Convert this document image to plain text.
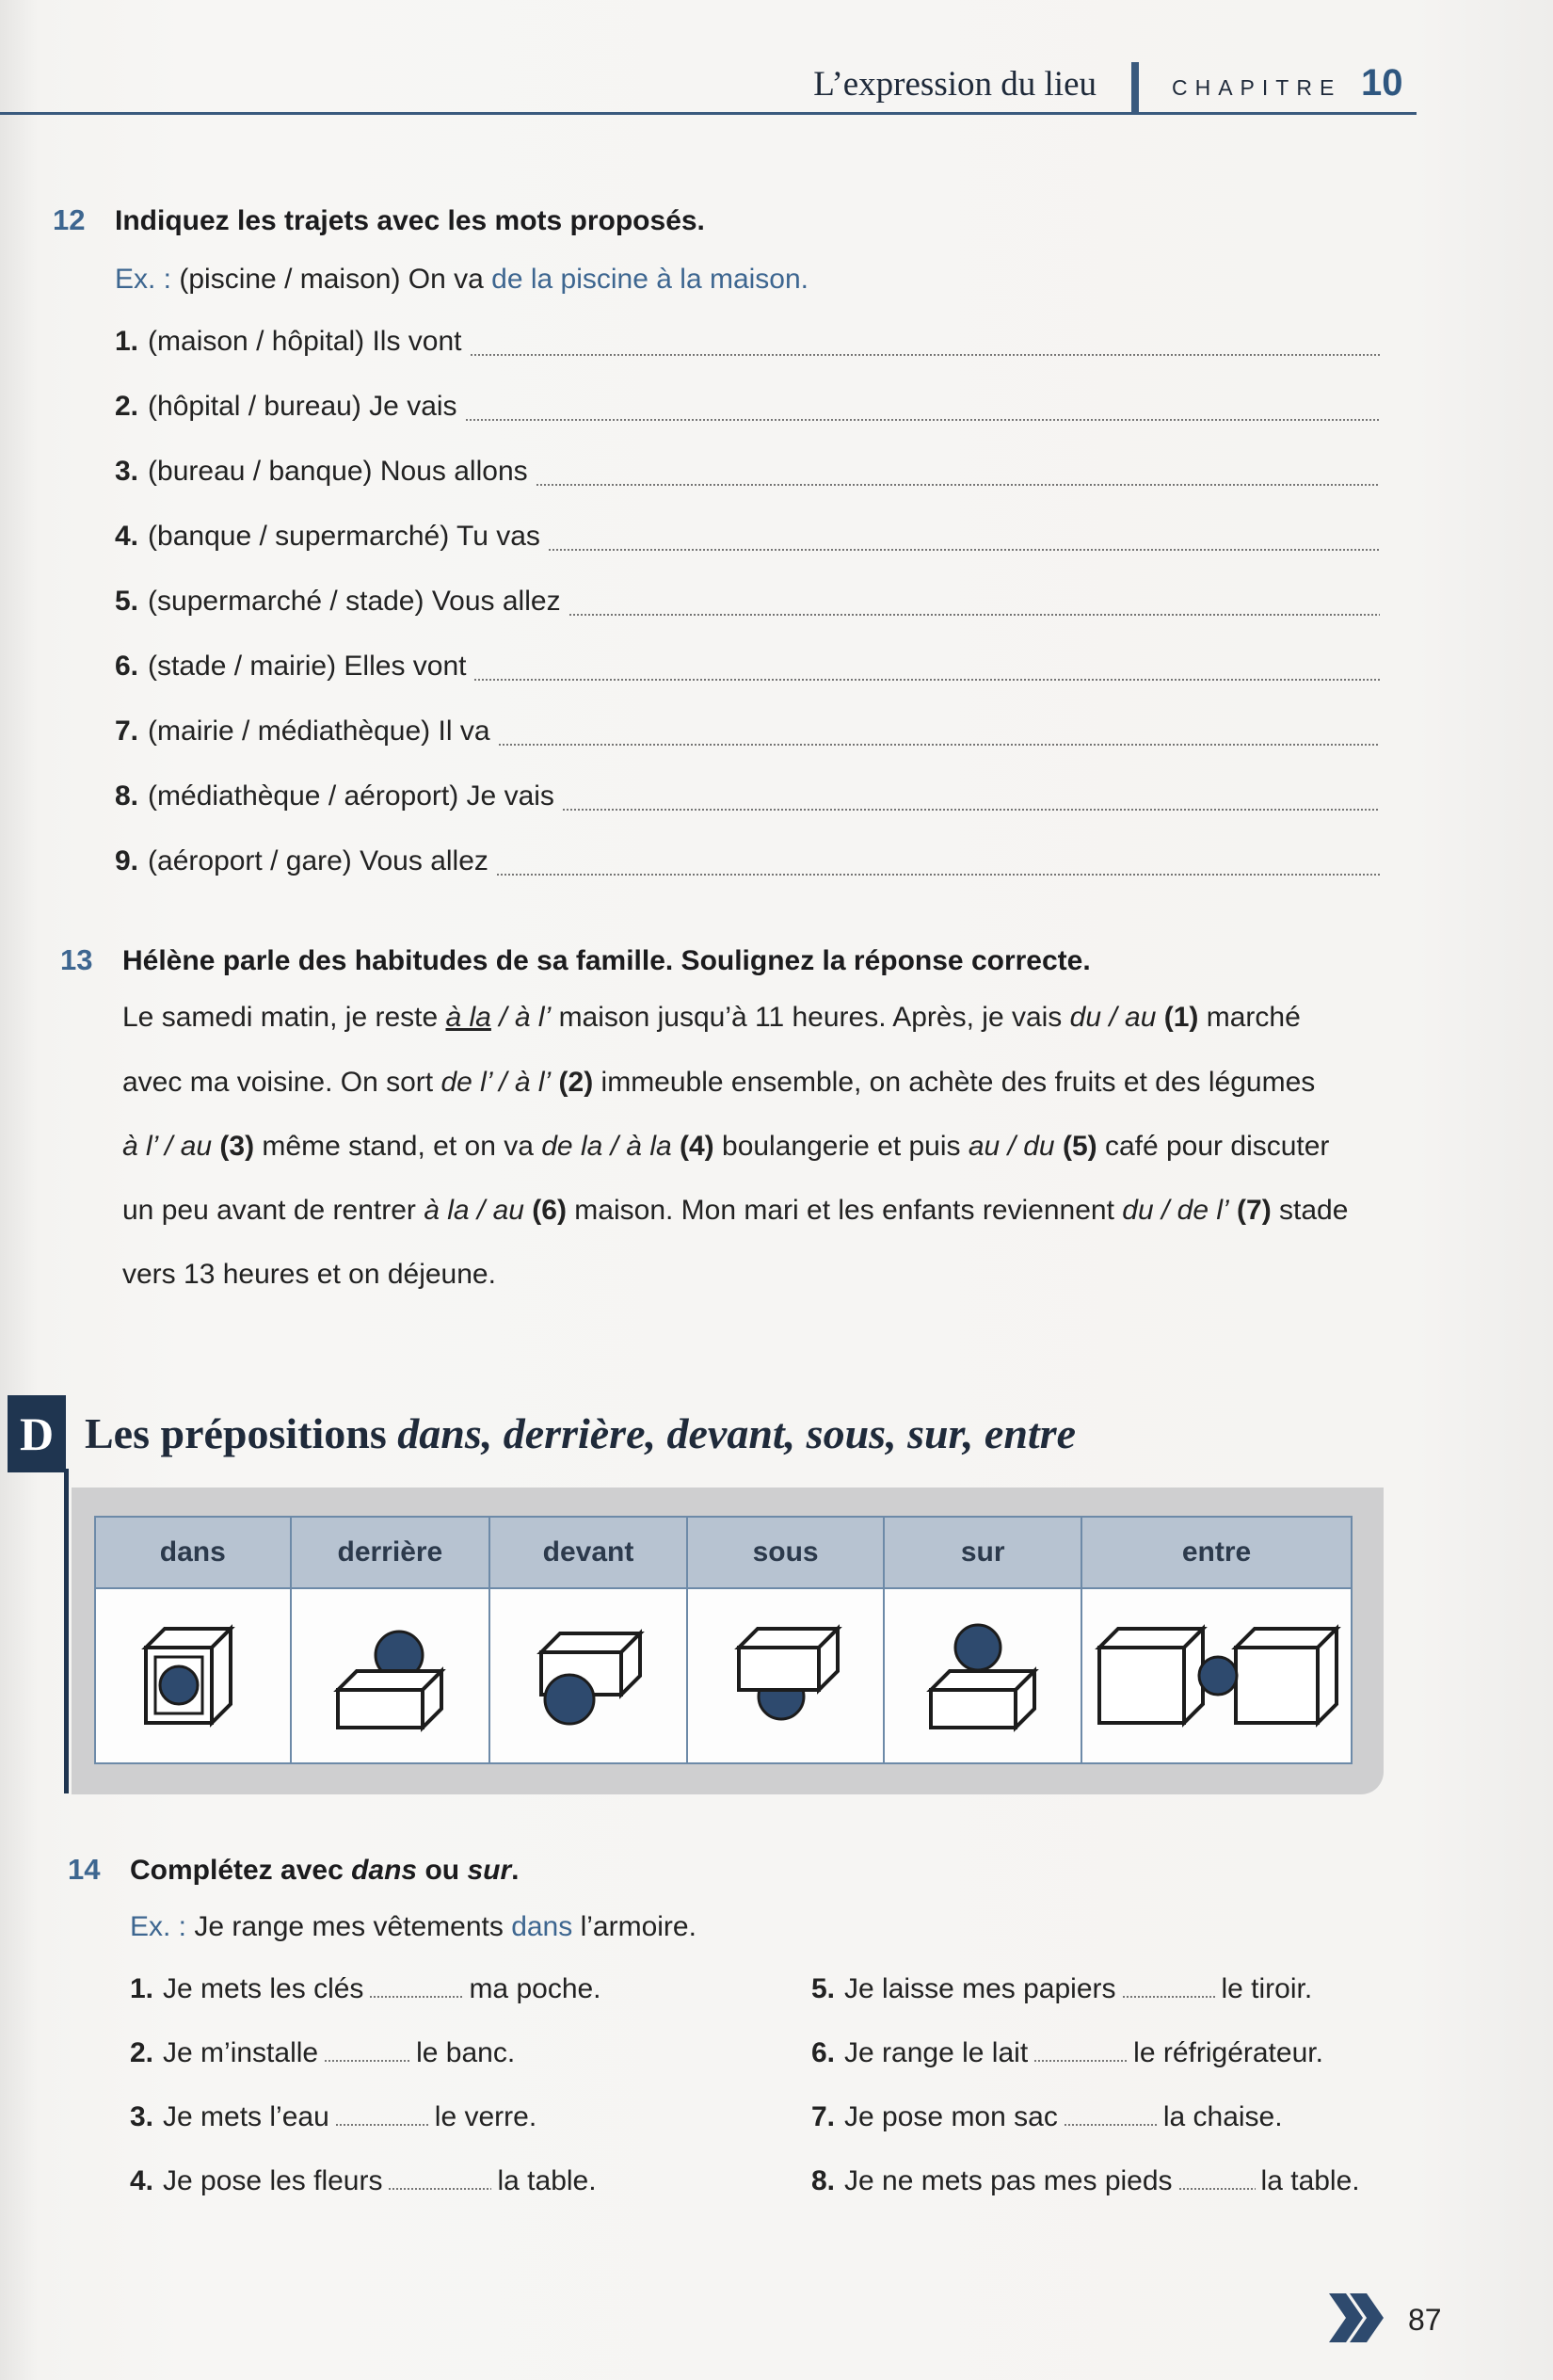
L’expression du lieu	CHAPITRE 10
12 Indiquez les trajets avec les mots proposés.
Ex. : (piscine / maison) On va de la piscine à la maison.
1. (maison / hôpital) Ils vont
2. (hôpital / bureau) Je vais
3. (bureau / banque) Nous allons
4. (banque / supermarché) Tu vas
5. (supermarché / stade) Vous allez
6. (stade / mairie) Elles vont
7. (mairie / médiathèque) Il va
8. (médiathèque / aéroport) Je vais
9. (aéroport / gare) Vous allez
13 Hélène parle des habitudes de sa famille. Soulignez la réponse correcte.
Le samedi matin, je reste à la / à l’ maison jusqu’à 11 heures. Après, je vais du / au (1) marché
avec ma voisine. On sort de l’ / à l’ (2) immeuble ensemble, on achète des fruits et des légumes
à l’ / au (3) même stand, et on va de la / à la (4) boulangerie et puis au / du (5) café pour discuter
un peu avant de rentrer à la / au (6) maison. Mon mari et les enfants reviennent du / de l’ (7) stade
vers 13 heures et on déjeune.
D Les prépositions dans, derrière, devant, sous, sur, entre
dans	derrière	devant	sous	sur	entre

14 Complétez avec dans ou sur.
Ex. : Je range mes vêtements dans l’armoire.
1. Je mets les clés	ma poche.
2. Je m’installe	le banc.
3. Je mets l’eau	le verre.
4. Je pose les fleurs	la table.
5. Je laisse mes papiers	le tiroir.
6. Je range le lait	le réfrigérateur.
7. Je pose mon sac	la chaise.
8. Je ne mets pas mes pieds	la table.
87
